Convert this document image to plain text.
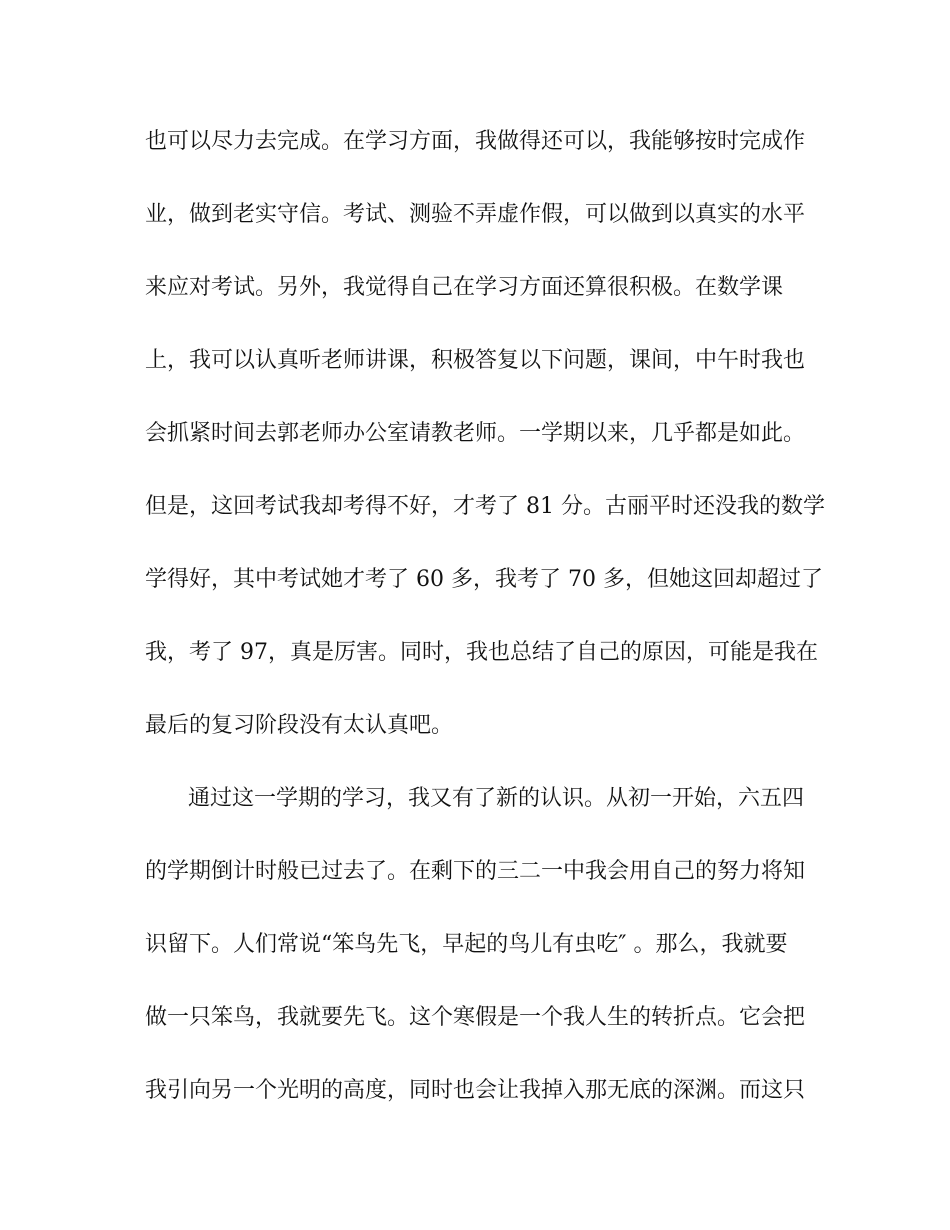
也可以尽力去完成。在学习方面，我做得还可以，我能够按时完成作
业，做到老实守信。考试、测验不弄虚作假，可以做到以真实的水平
来应对考试。另外，我觉得自己在学习方面还算很积极。在数学课
上，我可以认真听老师讲课，积极答复以下问题，课间，中午时我也
会抓紧时间去郭老师办公室请教老师。一学期以来，几乎都是如此。
但是，这回考试我却考得不好，才考了 81 分。古丽平时还没我的数学
学得好，其中考试她才考了 60 多，我考了 70 多，但她这回却超过了
我，考了 97，真是厉害。同时，我也总结了自己的原因，可能是我在
最后的复习阶段没有太认真吧。
通过这一学期的学习，我又有了新的认识。从初一开始，六五四
的学期倒计时般已过去了。在剩下的三二一中我会用自己的努力将知
识留下。人们常说“笨鸟先飞，早起的鸟儿有虫吃″ 。那么，我就要
做一只笨鸟，我就要先飞。这个寒假是一个我人生的转折点。它会把
我引向另一个光明的高度，同时也会让我掉入那无底的深渊。而这只
